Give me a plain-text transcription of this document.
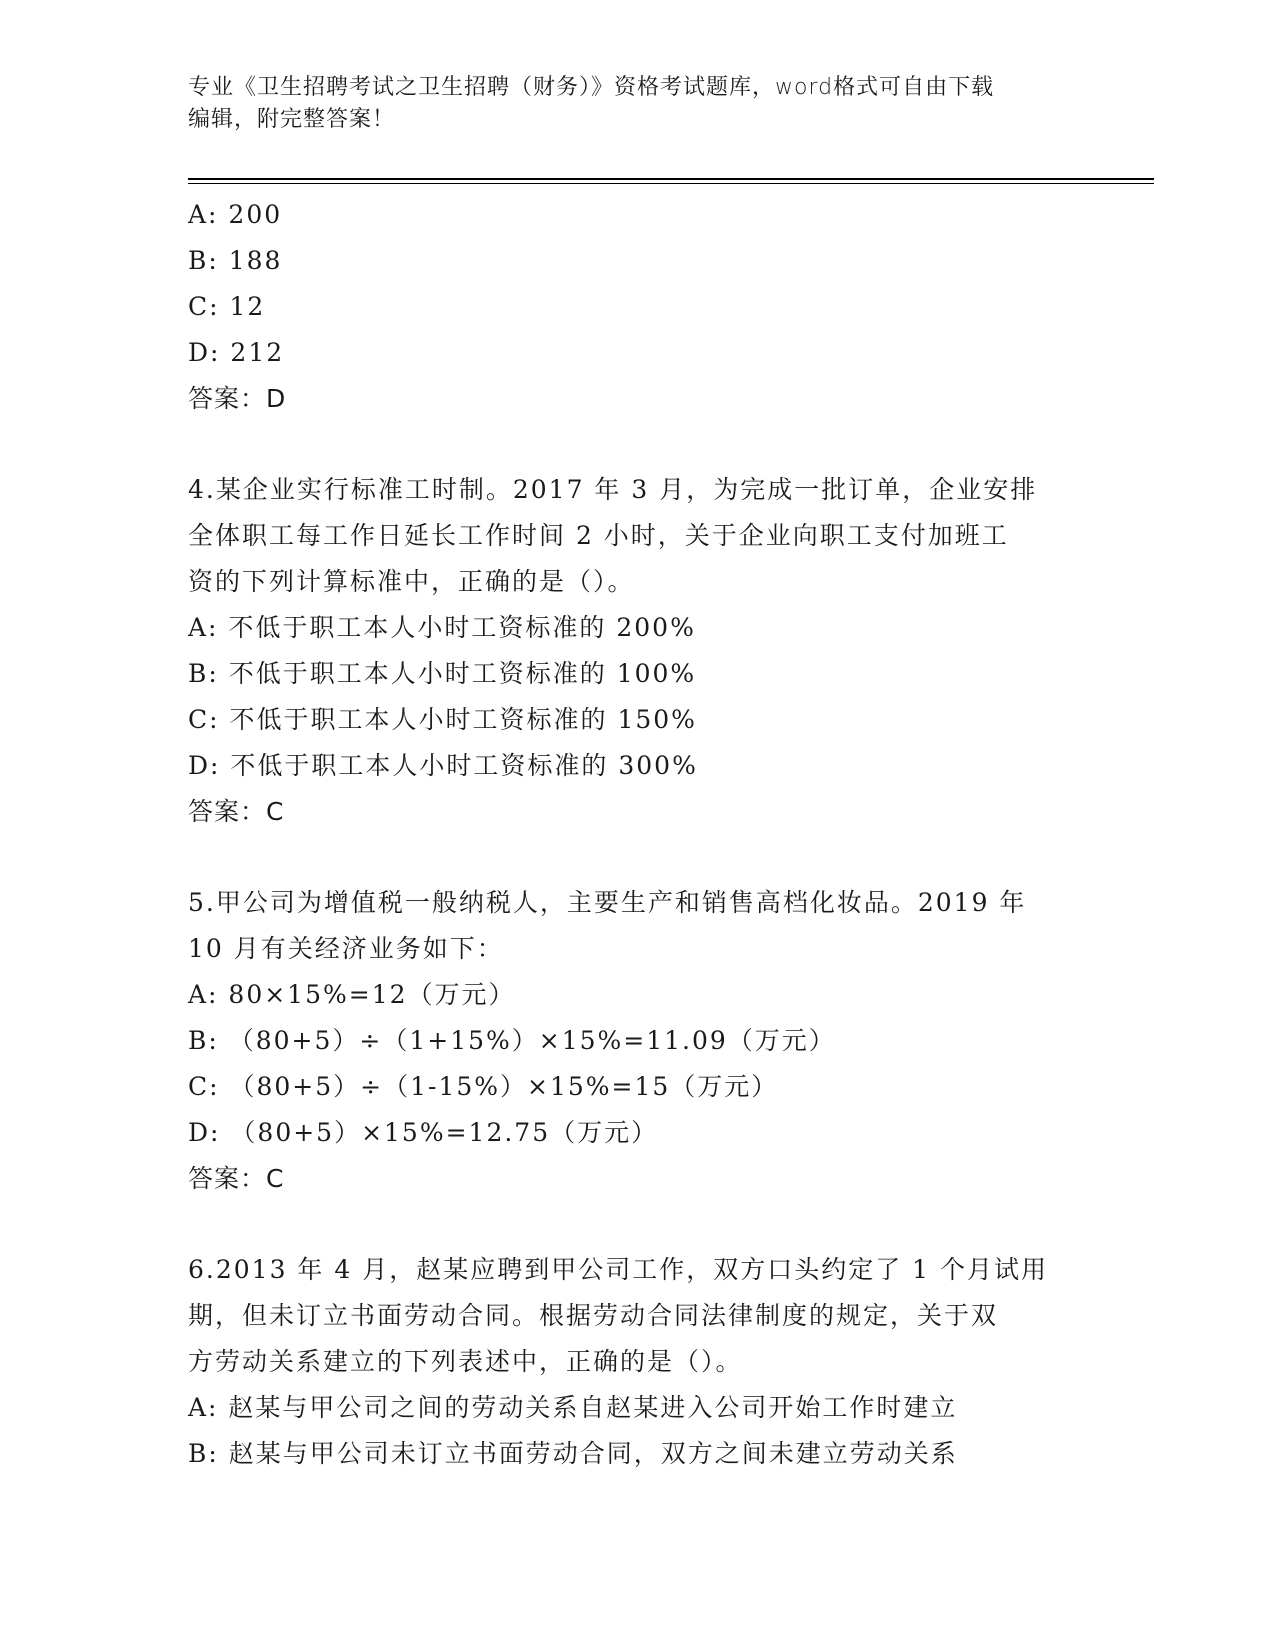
专业《卫生招聘考试之卫生招聘（财务）》资格考试题库，word格式可自由下载
编辑，附完整答案！
A: 200
B: 188
C: 12
D: 212
答案：D
4.某企业实行标准工时制。2017 年 3 月，为完成一批订单，企业安排
全体职工每工作日延长工作时间 2 小时，关于企业向职工支付加班工
资的下列计算标准中，正确的是（）。
A: 不低于职工本人小时工资标准的 200%
B: 不低于职工本人小时工资标准的 100%
C: 不低于职工本人小时工资标准的 150%
D: 不低于职工本人小时工资标准的 300%
答案：C
5.甲公司为增值税一般纳税人，主要生产和销售高档化妆品。2019 年
10 月有关经济业务如下：
A: 80×15%=12（万元）
B: （80+5）÷（1+15%）×15%=11.09（万元）
C: （80+5）÷（1-15%）×15%=15（万元）
D: （80+5）×15%=12.75（万元）
答案：C
6.2013 年 4 月，赵某应聘到甲公司工作，双方口头约定了 1 个月试用
期，但未订立书面劳动合同。根据劳动合同法律制度的规定，关于双
方劳动关系建立的下列表述中，正确的是（）。
A: 赵某与甲公司之间的劳动关系自赵某进入公司开始工作时建立
B: 赵某与甲公司未订立书面劳动合同，双方之间未建立劳动关系
